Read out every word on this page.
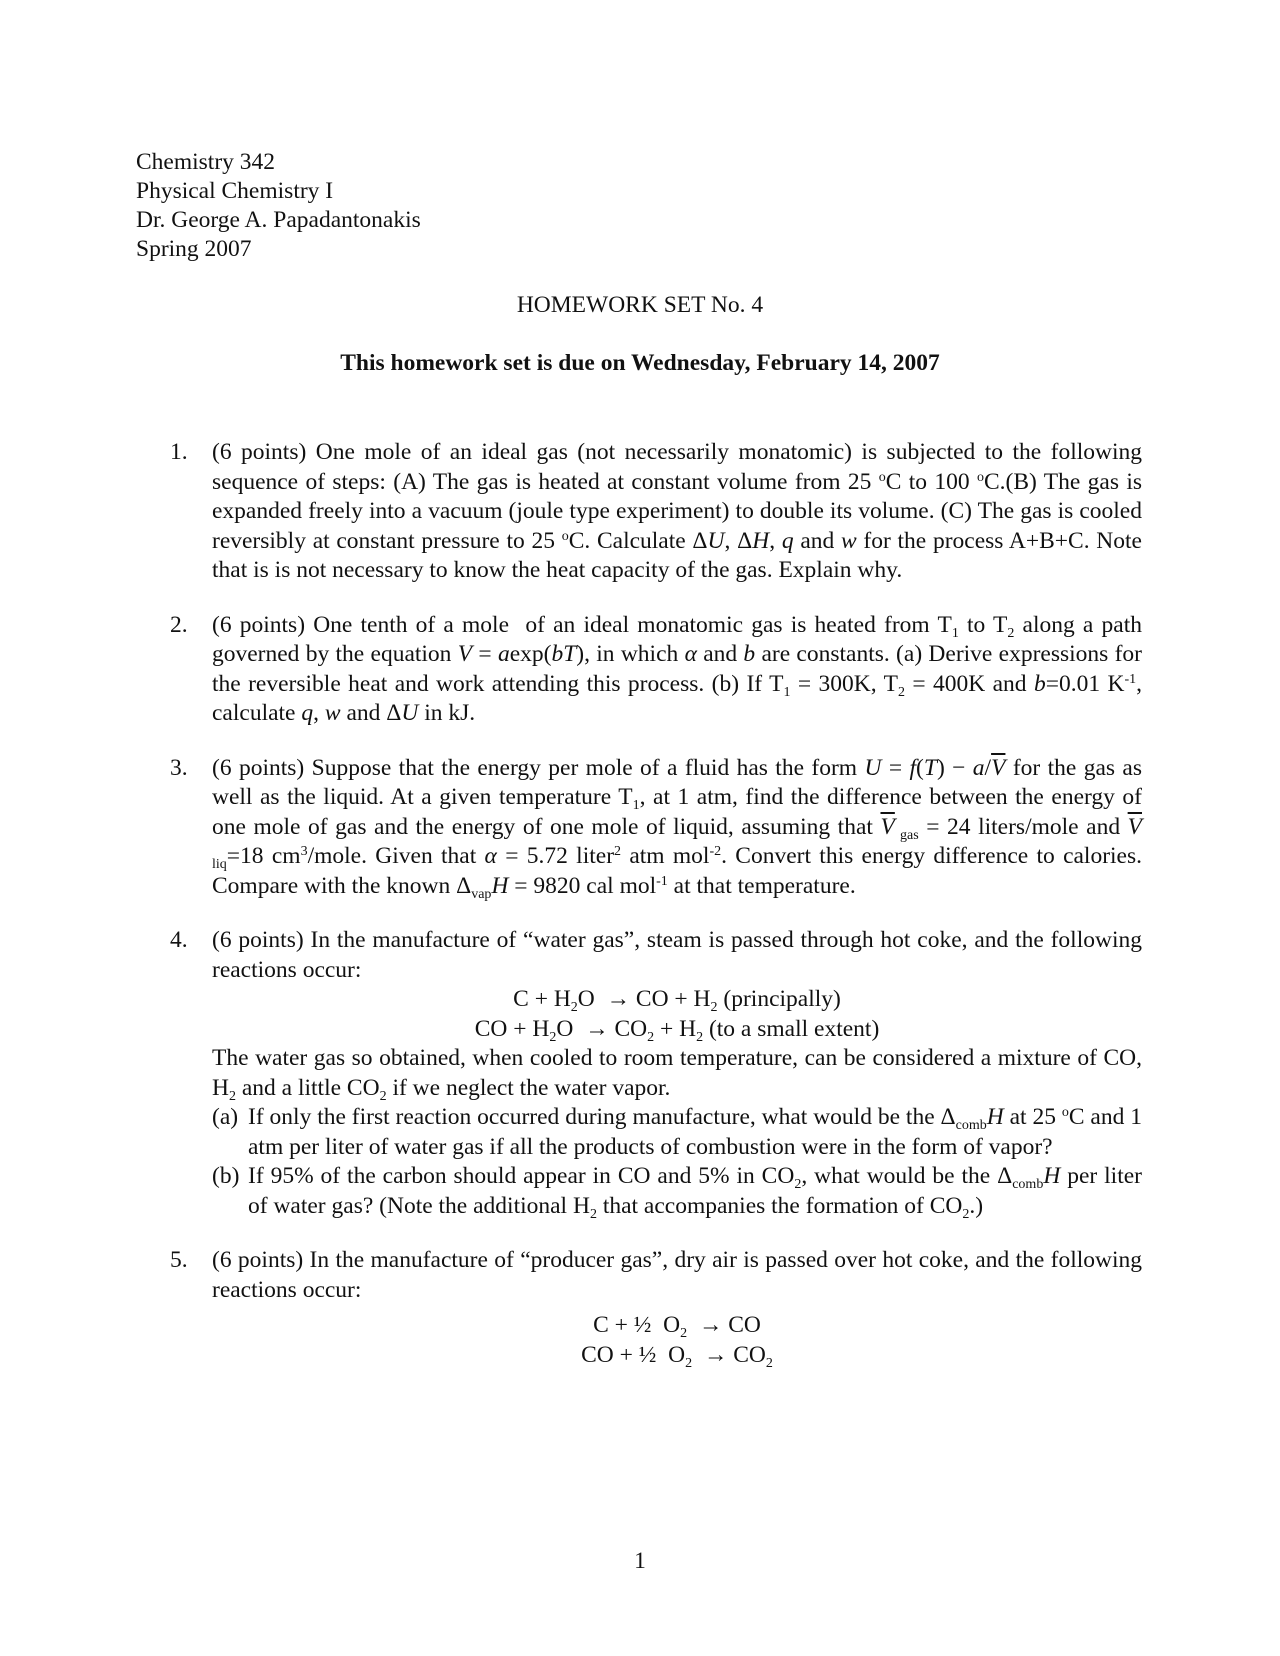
Chemistry 342
Physical Chemistry I
Dr. George A. Papadantonakis
Spring 2007
HOMEWORK SET No. 4
This homework set is due on Wednesday, February 14, 2007
1. (6 points) One mole of an ideal gas (not necessarily monatomic) is subjected to the following sequence of steps: (A) The gas is heated at constant volume from 25 $^o$C to 100 $^o$C.(B) The gas is expanded freely into a vacuum (joule type experiment) to double its volume. (C) The gas is cooled reversibly at constant pressure to 25 $^o$C. Calculate ΔU, ΔH, q and w for the process A+B+C. Note that is is not necessary to know the heat capacity of the gas. Explain why.
2. (6 points) One tenth of a mole  of an ideal monatomic gas is heated from $T_1$ to $T_2$ along a path governed by the equation V = aexp(bT), in which α and b are constants. (a) Derive expressions for the reversible heat and work attending this process. (b) If $T_1 = 300K$, $T_2 = 400K$ and b=0.01 $K^{-1}$, calculate q, w and ΔU in kJ.
3. (6 points) Suppose that the energy per mole of a fluid has the form $U = f(T) - a/\overline{V}$ for the gas as well as the liquid. At a given temperature $T_1$, at 1 atm, find the difference between the energy of one mole of gas and the energy of one mole of liquid, assuming that $\overline{V}$ $_{gas}$ = 24 liters/mole and $\overline{V}$ $_{liq}$=18 $cm^3$/mole. Given that α = 5.72 liter$^2$ atm mol$^{-2}$. Convert this energy difference to calories. Compare with the known $\Delta_{vap}H = 9820$ cal mol$^{-1}$ at that temperature.
4. (6 points) In the manufacture of “water gas”, steam is passed through hot coke, and the following reactions occur:
$C + H_2O$  → CO + $H_2$ (principally)
CO + $H_2O \to CO_2 + H_2$ (to a small extent)
The water gas so obtained, when cooled to room temperature, can be considered a mixture of CO, $H_2$ and a little $CO_2$ if we neglect the water vapor.
(a) If only the first reaction occurred during manufacture, what would be the $\Delta_{comb}H$ at 25 $^o$C and 1 atm per liter of water gas if all the products of combustion were in the form of vapor?
(b) If 95% of the carbon should appear in CO and 5% in $CO_2$, what would be the $\Delta_{comb}H$ per liter of water gas? (Note the additional $H_2$ that accompanies the formation of $CO_2$.)
5. (6 points) In the manufacture of “producer gas”, dry air is passed over hot coke, and the following reactions occur:
C + ½  $O_2$  → CO
CO + ½  $O_2 \to CO_2$
1
